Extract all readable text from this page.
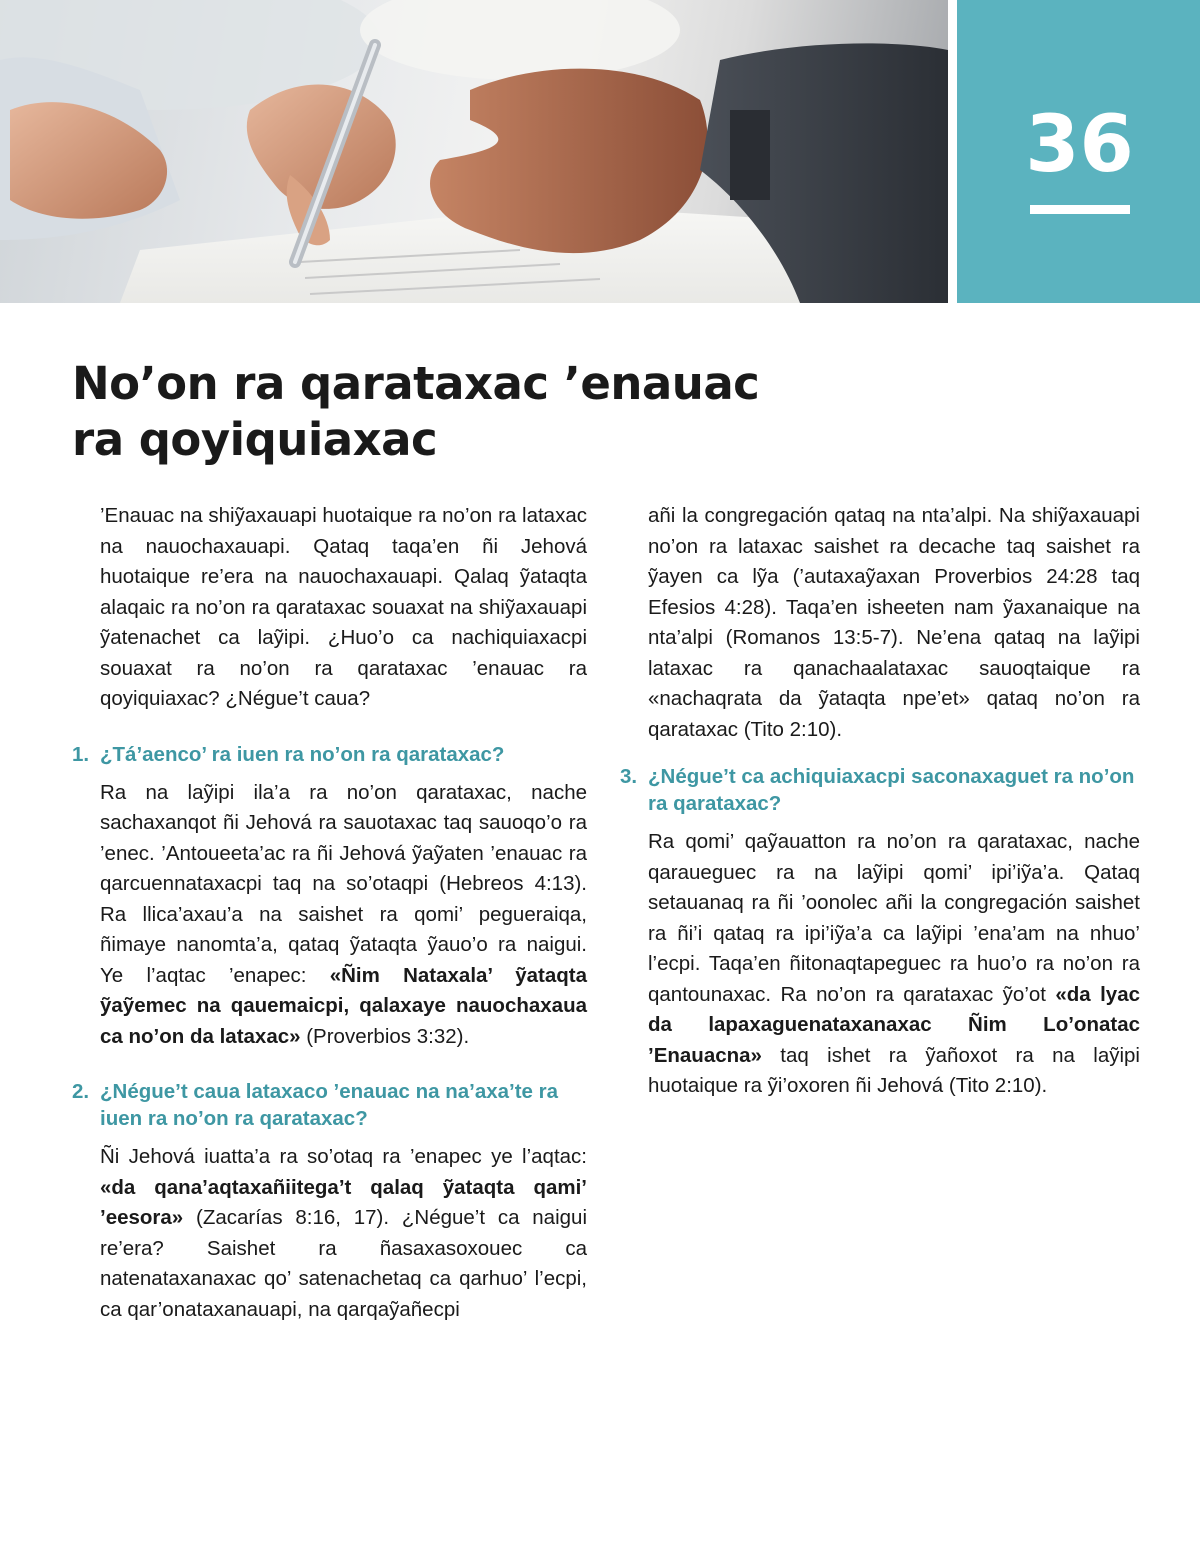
36
No’on ra qarataxac ’enauac
ra qoyiquiaxac

’Enauac na shiỹaxauapi huotaique ra no’on ra lataxac na nauochaxauapi. Qataq taqa’en ñi Jehová huotaique re’era na nauochaxauapi. Qalaq ỹataqta alaqaic ra no’on ra qarataxac souaxat na shiỹaxauapi ỹatenachet ca laỹipi. ¿Huo’o ca nachiquiaxacpi souaxat ra no’on ra qarataxac ’enauac ra qoyiquiaxac? ¿Négue’t caua?

1. ¿Tá’aenco’ ra iuen ra no’on ra qarataxac?

Ra na laỹipi ila’a ra no’on qarataxac, nache sachaxanqot ñi Jehová ra sauotaxac taq sauoqo’o ra ’enec. ’Antoueeta’ac ra ñi Jehová ỹaỹaten ’enauac ra qarcuennataxacpi taq na so’otaqpi (Hebreos 4:13). Ra llica’axau’a na saishet ra qomi’ pegueraiqa, ñimaye nanomta’a, qataq ỹataqta ỹauo’o ra naigui. Ye l’aqtac ’enapec: «Ñim Nataxala’ ỹataqta ỹaỹemec na qauemaicpi, qalaxaye nauochaxaua ca no’on da lataxac» (Proverbios 3:32).

2. ¿Négue’t caua lataxaco ’enauac na na’axa’te ra iuen ra no’on ra qarataxac?

Ñi Jehová iuatta’a ra so’otaq ra ’enapec ye l’aqtac: «da qana’aqtaxañiitega’t qalaq ỹataqta qami’ ’eesora» (Zacarías 8:16, 17). ¿Négue’t ca naigui re’era? Saishet ra ñasaxasoxouec ca natenataxanaxac qo’ satenachetaq ca qarhuo’ l’ecpi, ca qar’onataxanauapi, na qarqaỹañecpi

añi la congregación qataq na nta’alpi. Na shiỹaxauapi no’on ra lataxac saishet ra decache taq saishet ra ỹayen ca lỹa (’autaxaỹaxan Proverbios 24:28 taq Efesios 4:28). Taqa’en isheeten nam ỹaxanaique na nta’alpi (Romanos 13:5-7). Ne’ena qataq na laỹipi lataxac ra qanachaalataxac sauoqtaique ra «nachaqrata da ỹataqta npe’et» qataq no’on ra qarataxac (Tito 2:10).

3. ¿Négue’t ca achiquiaxacpi saconaxaguet ra no’on ra qarataxac?

Ra qomi’ qaỹauatton ra no’on ra qarataxac, nache qaraueguec ra na laỹipi qomi’ ipi’iỹa’a. Qataq setauanaq ra ñi ’oonolec añi la congregación saishet ra ñi’i qataq ra ipi’iỹa’a ca laỹipi ’ena’am na nhuo’ l’ecpi. Taqa’en ñitonaqtapeguec ra huo’o ra no’on ra qantounaxac. Ra no’on ra qarataxac ỹo’ot «da lyac da lapaxaguenataxanaxac Ñim Lo’onatac ’Enauacna» taq ishet ra ỹañoxot ra na laỹipi huotaique ra ỹi’oxoren ñi Jehová (Tito 2:10).
